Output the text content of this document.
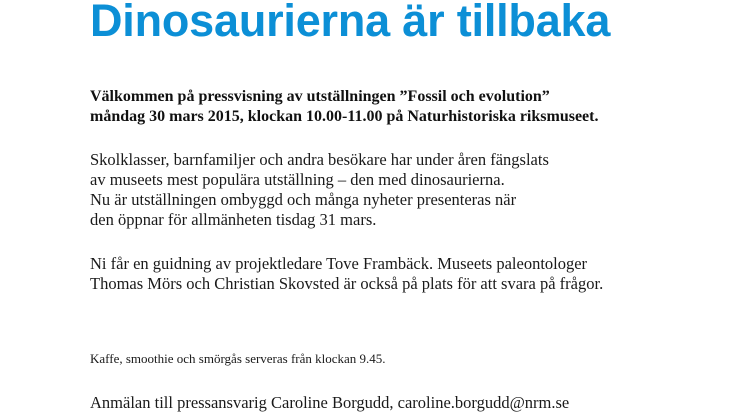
Dinosaurierna är tillbaka

Välkommen på pressvisning av utställningen ”Fossil och evolution”
måndag 30 mars 2015, klockan 10.00-11.00 på Naturhistoriska riksmuseet.

Skolklasser, barnfamiljer och andra besökare har under åren fängslats
av museets mest populära utställning – den med dinosaurierna.
Nu är utställningen ombyggd och många nyheter presenteras när
den öppnar för allmänheten tisdag 31 mars.

Ni får en guidning av projektledare Tove Frambäck. Museets paleontologer
Thomas Mörs och Christian Skovsted är också på plats för att svara på frågor.

Kaffe, smoothie och smörgås serveras från klockan 9.45.

Anmälan till pressansvarig Caroline Borgudd, caroline.borgudd@nrm.se
